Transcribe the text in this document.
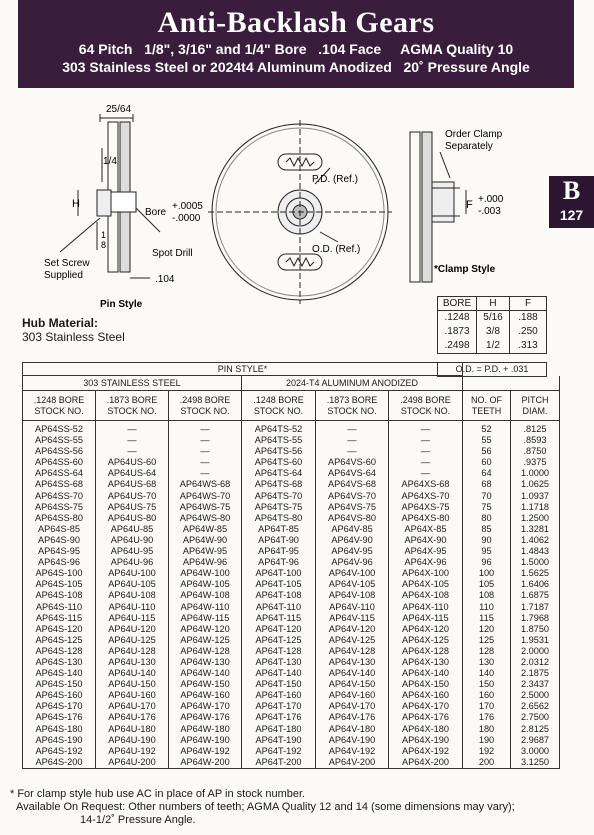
Anti-Backlash Gears
64 Pitch   1/8", 3/16" and 1/4" Bore   .104 Face     AGMA Quality 10
303 Stainless Steel or 2024t4 Aluminum Anodized   20˚ Pressure Angle
B
127
25/64
1/4
H
1
8
Bore
+.0005
-.0000
Spot Drill
Set Screw
Supplied	.104
Pin Style
P.D. (Ref.)
O.D. (Ref.)
Order Clamp
Separately
F +.000
-.003
*Clamp Style
Hub Material:
303 Stainless Steel
BORE	H	F
.1248	5/16	.188
.1873	3/8	.250
.2498	1/2	.313
O.D. = P.D. + .031
PIN STYLE*							
303 STAINLESS STEEL			2024-T4 ALUMINUM ANODIZED				
.1248 BORE STOCK NO.	.1873 BORE STOCK NO.	.2498 BORE STOCK NO.	.1248 BORE STOCK NO.	.1873 BORE STOCK NO.	.2498 BORE STOCK NO.	NO. OF TEETH	PITCH DIAM.
AP64SS-52	—	—	AP64TS-52	—	—	52	.8125
AP64SS-55	—	—	AP64TS-55	—	—	55	.8593
AP64SS-56	—	—	AP64TS-56	—	—	56	.8750
AP64SS-60	AP64US-60	—	AP64TS-60	AP64VS-60	—	60	.9375
AP64SS-64	AP64US-64	—	AP64TS-64	AP64VS-64	—	64	1.0000
AP64SS-68	AP64US-68	AP64WS-68	AP64TS-68	AP64VS-68	AP64XS-68	68	1.0625
AP64SS-70	AP64US-70	AP64WS-70	AP64TS-70	AP64VS-70	AP64XS-70	70	1.0937
AP64SS-75	AP64US-75	AP64WS-75	AP64TS-75	AP64VS-75	AP64XS-75	75	1.1718
AP64SS-80	AP64US-80	AP64WS-80	AP64TS-80	AP64VS-80	AP64XS-80	80	1.2500
AP64S-85	AP64U-85	AP64W-85	AP64T-85	AP64V-85	AP64X-85	85	1.3281
AP64S-90	AP64U-90	AP64W-90	AP64T-90	AP64V-90	AP64X-90	90	1.4062
AP64S-95	AP64U-95	AP64W-95	AP64T-95	AP64V-95	AP64X-95	95	1.4843
AP64S-96	AP64U-96	AP64W-96	AP64T-96	AP64V-96	AP64X-96	96	1.5000
AP64S-100	AP64U-100	AP64W-100	AP64T-100	AP64V-100	AP64X-100	100	1.5625
AP64S-105	AP64U-105	AP64W-105	AP64T-105	AP64V-105	AP64X-105	105	1.6406
AP64S-108	AP64U-108	AP64W-108	AP64T-108	AP64V-108	AP64X-108	108	1.6875
AP64S-110	AP64U-110	AP64W-110	AP64T-110	AP64V-110	AP64X-110	110	1.7187
AP64S-115	AP64U-115	AP64W-115	AP64T-115	AP64V-115	AP64X-115	115	1.7968
AP64S-120	AP64U-120	AP64W-120	AP64T-120	AP64V-120	AP64X-120	120	1.8750
AP64S-125	AP64U-125	AP64W-125	AP64T-125	AP64V-125	AP64X-125	125	1.9531
AP64S-128	AP64U-128	AP64W-128	AP64T-128	AP64V-128	AP64X-128	128	2.0000
AP64S-130	AP64U-130	AP64W-130	AP64T-130	AP64V-130	AP64X-130	130	2.0312
AP64S-140	AP64U-140	AP64W-140	AP64T-140	AP64V-140	AP64X-140	140	2.1875
AP64S-150	AP64U-150	AP64W-150	AP64T-150	AP64V-150	AP64X-150	150	2.3437
AP64S-160	AP64U-160	AP64W-160	AP64T-160	AP64V-160	AP64X-160	160	2.5000
AP64S-170	AP64U-170	AP64W-170	AP64T-170	AP64V-170	AP64X-170	170	2.6562
AP64S-176	AP64U-176	AP64W-176	AP64T-176	AP64V-176	AP64X-176	176	2.7500
AP64S-180	AP64U-180	AP64W-180	AP64T-180	AP64V-180	AP64X-180	180	2.8125
AP64S-190	AP64U-190	AP64W-190	AP64T-190	AP64V-190	AP64X-190	190	2.9687
AP64S-192	AP64U-192	AP64W-192	AP64T-192	AP64V-192	AP64X-192	192	3.0000
AP64S-200	AP64U-200	AP64W-200	AP64T-200	AP64V-200	AP64X-200	200	3.1250
* For clamp style hub use AC in place of AP in stock number.
Available On Request: Other numbers of teeth; AGMA Quality 12 and 14 (some dimensions may vary);
14-1/2˚ Pressure Angle.
